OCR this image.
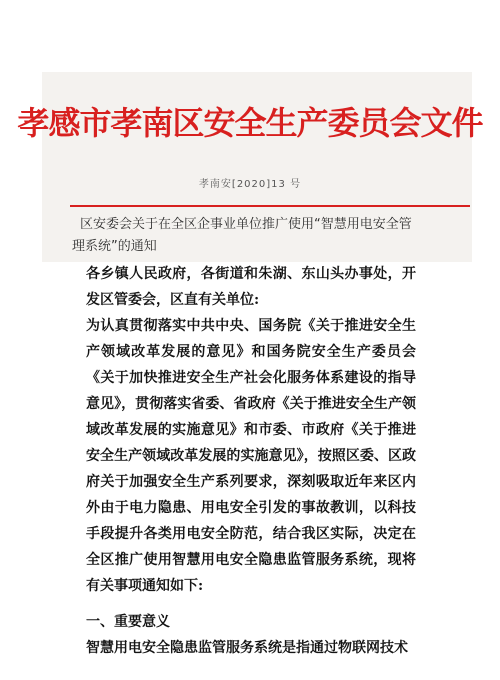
孝感市孝南区安全生产委员会文件
孝南安[2020]13 号
区安委会关于在全区企事业单位推广使用“智慧用电安全管理系统”的通知

各乡镇人民政府，各街道和朱湖、东山头办事处，开发区管委会，区直有关单位:

为认真贯彻落实中共中央、国务院《关于推进安全生产领域改革发展的意见》和国务院安全生产委员会《关于加快推进安全生产社会化服务体系建设的指导意见》，贯彻落实省委、省政府《关于推进安全生产领域改革发展的实施意见》和市委、市政府《关于推进安全生产领域改革发展的实施意见》，按照区委、区政府关于加强安全生产系列要求，深刻吸取近年来区内外由于电力隐患、用电安全引发的事故教训，以科技手段提升各类用电安全防范，结合我区实际，决定在全区推广使用智慧用电安全隐患监管服务系统，现将有关事项通知如下:

一、重要意义

智慧用电安全隐患监管服务系统是指通过物联网技术
